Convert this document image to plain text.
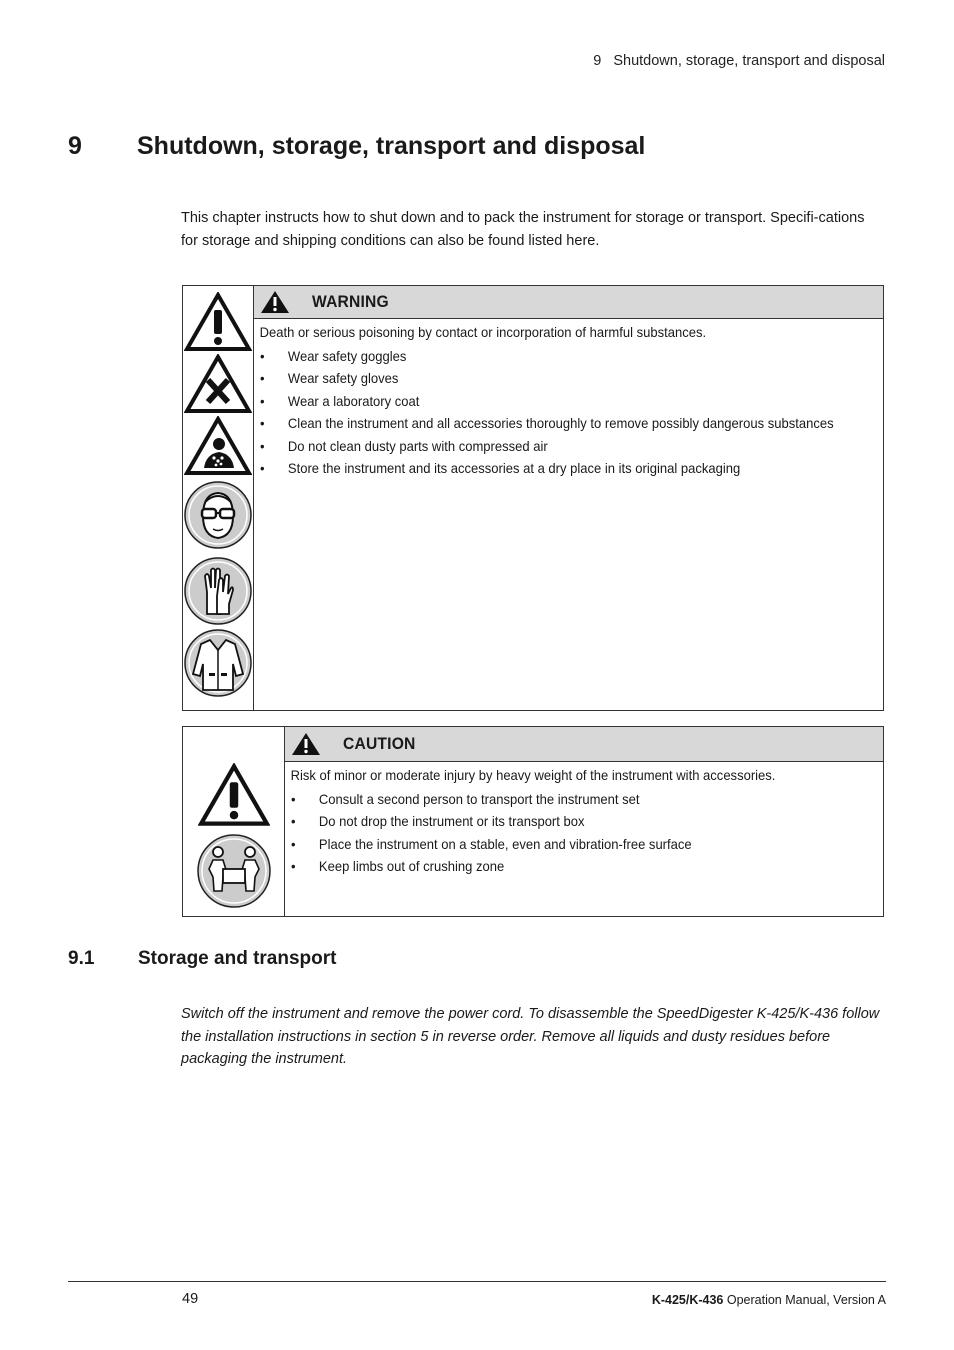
9 Shutdown, storage, transport and disposal
9 Shutdown, storage, transport and disposal

This chapter instructs how to shut down and to pack the instrument for storage or transport. Specifi-cations for storage and shipping conditions can also be found listed here.

WARNING
Death or serious poisoning by contact or incorporation of harmful substances.
•	Wear safety goggles
•	Wear safety gloves
•	Wear a laboratory coat
•	Clean the instrument and all accessories thoroughly to remove possibly dangerous substances
•	Do not clean dusty parts with compressed air
•	Store the instrument and its accessories at a dry place in its original packaging
CAUTION
Risk of minor or moderate injury by heavy weight of the instrument with accessories.
•	Consult a second person to transport the instrument set
•	Do not drop the instrument or its transport box
•	Place the instrument on a stable, even and vibration-free surface
•	Keep limbs out of crushing zone
9.1 Storage and transport

Switch off the instrument and remove the power cord. To disassemble the SpeedDigester K-425/K-436 follow the installation instructions in section 5 in reverse order. Remove all liquids and dusty residues before packaging the instrument.

49	K-425/K-436 Operation Manual, Version A
